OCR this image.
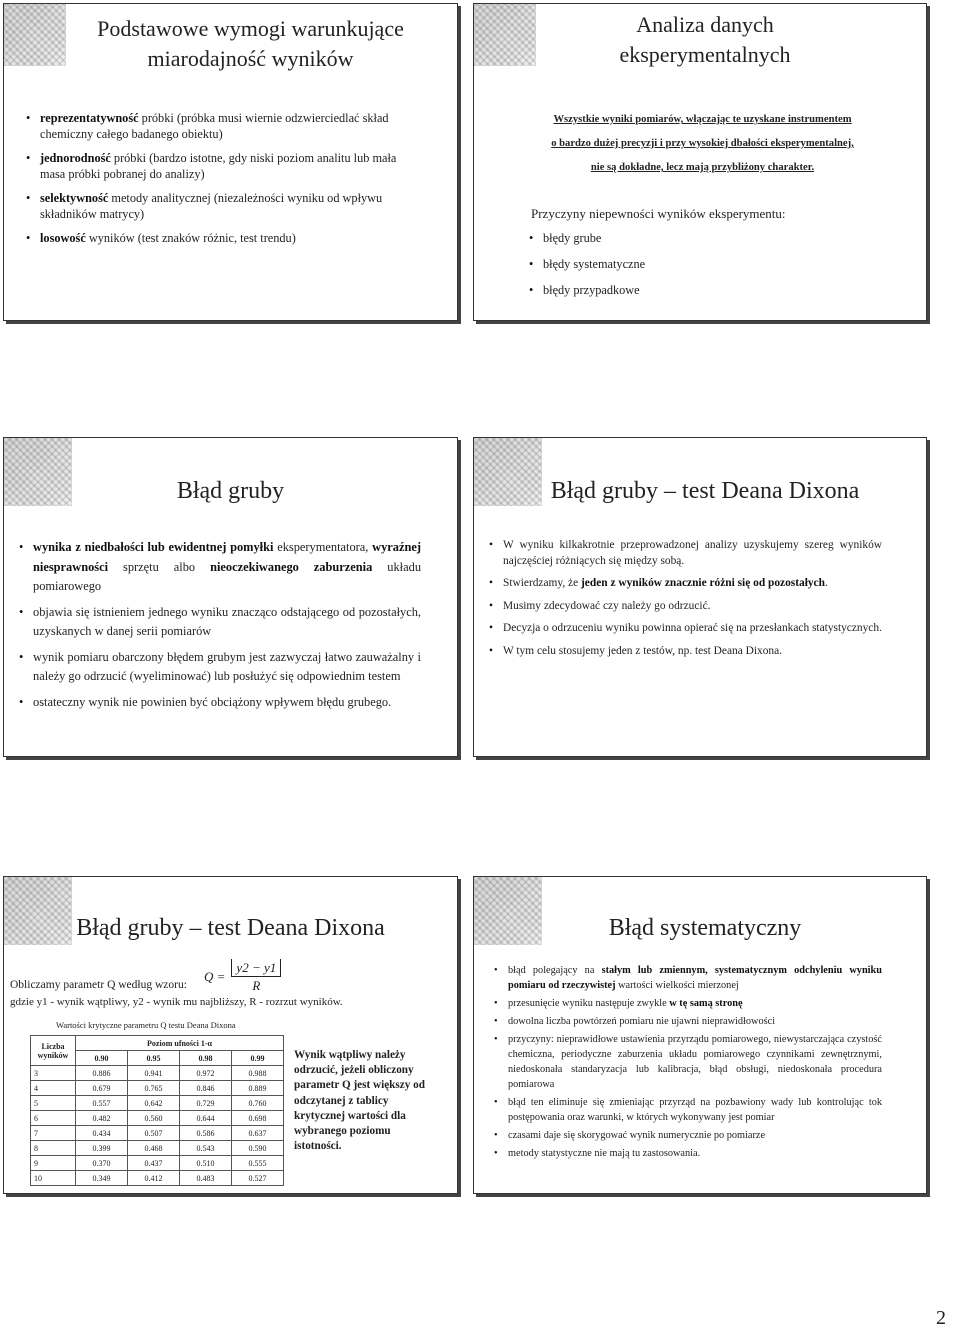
Podstawowe wymogi warunkujące
miarodajność wyników
• reprezentatywność próbki (próbka musi wiernie odzwierciedlać skład chemiczny całego badanego obiektu)
• jednorodność próbki (bardzo istotne, gdy niski poziom analitu lub mała masa próbki pobranej do analizy)
• selektywność metody analitycznej (niezależności wyniku od wpływu składników matrycy)
• losowość wyników (test znaków różnic, test trendu)
Analiza danych
eksperymentalnych
Wszystkie wyniki pomiarów, włączając te uzyskane instrumentem
o bardzo dużej precyzji i przy wysokiej dbałości eksperymentalnej,
nie są dokładne, lecz mają przybliżony charakter.
Przyczyny niepewności wyników eksperymentu:
• błędy grube
• błędy systematyczne
• błędy przypadkowe
Błąd gruby
• wynika z niedbałości lub ewidentnej pomyłki eksperymentatora, wyraźnej niesprawności sprzętu albo nieoczekiwanego zaburzenia układu pomiarowego
• objawia się istnieniem jednego wyniku znacząco odstającego od pozostałych, uzyskanych w danej serii pomiarów
• wynik pomiaru obarczony błędem grubym jest zazwyczaj łatwo zauważalny i należy go odrzucić (wyeliminować) lub posłużyć się odpowiednim testem
• ostateczny wynik nie powinien być obciążony wpływem błędu grubego.
Błąd gruby – test Deana Dixona
• W wyniku kilkakrotnie przeprowadzonej analizy uzyskujemy szereg wyników najczęściej różniących się między sobą.
• Stwierdzamy, że jeden z wyników znacznie różni się od pozostałych.
• Musimy zdecydować czy należy go odrzucić.
• Decyzja o odrzuceniu wyniku powinna opierać się na przesłankach statystycznych.
• W tym celu stosujemy jeden z testów, np. test Deana Dixona.
Błąd gruby – test Deana Dixona
Obliczamy parametr Q według wzoru:
$Q = \frac{y2 - y1}{R}$
gdzie y1 - wynik wątpliwy, y2 - wynik mu najbliższy, R - rozrzut wyników.
Wartości krytyczne parametru Q testu Deana Dixona
Liczba wyników	Poziom ufności 1-α			
	0.90	0.95	0.98	0.99
3	0.886	0.941	0.972	0.988
4	0.679	0.765	0.846	0.889
5	0.557	0.642	0.729	0.760
6	0.482	0.560	0.644	0.698
7	0.434	0.507	0.586	0.637
8	0.399	0.468	0.543	0.590
9	0.370	0.437	0.510	0.555
10	0.349	0.412	0.483	0.527
Wynik wątpliwy należy odrzucić, jeżeli obliczony parametr Q jest większy od odczytanej z tablicy krytycznej wartości dla wybranego poziomu istotności.
Błąd systematyczny
• błąd polegający na stałym lub zmiennym, systematycznym odchyleniu wyniku pomiaru od rzeczywistej wartości wielkości mierzonej
• przesunięcie wyniku następuje zwykle w tę samą stronę
• dowolna liczba powtórzeń pomiaru nie ujawni nieprawidłowości
• przyczyny: nieprawidłowe ustawienia przyrządu pomiarowego, niewystarczająca czystość chemiczna, periodyczne zaburzenia układu pomiarowego czynnikami zewnętrznymi, niedoskonała standaryzacja lub kalibracja, błąd obsługi, niedoskonała procedura pomiarowa
• błąd ten eliminuje się zmieniając przyrząd na pozbawiony wady lub kontrolując tok postępowania oraz warunki, w których wykonywany jest pomiar
• czasami daje się skorygować wynik numerycznie po pomiarze
• metody statystyczne nie mają tu zastosowania.
2
